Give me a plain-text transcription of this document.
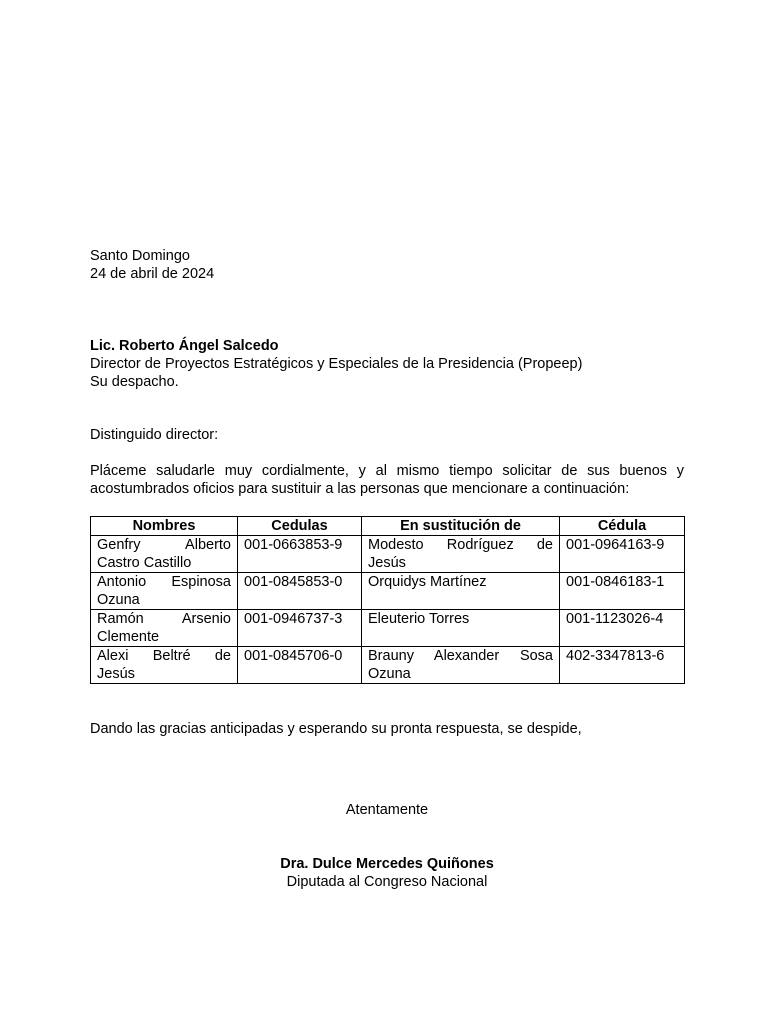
Santo Domingo
24 de abril de 2024
Lic. Roberto Ángel Salcedo
Director de Proyectos Estratégicos y Especiales de la Presidencia (Propeep)
Su despacho.
Distinguido director:

Pláceme saludarle muy cordialmente, y al mismo tiempo solicitar de sus buenos y acostumbrados oficios para sustituir a las personas que mencionare a continuación:

Nombres	Cedulas	En sustitución de	Cédula
Genfry Alberto Castro Castillo	001-0663853-9	Modesto Rodríguez de Jesús	001-0964163-9
Antonio Espinosa Ozuna	001-0845853-0	Orquidys Martínez	001-0846183-1
Ramón Arsenio Clemente	001-0946737-3	Eleuterio Torres	001-1123026-4
Alexi Beltré de Jesús	001-0845706-0	Brauny Alexander Sosa Ozuna	402-3347813-6

Dando las gracias anticipadas y esperando su pronta respuesta, se despide,

Atentamente

Dra. Dulce Mercedes Quiñones
Diputada al Congreso Nacional
